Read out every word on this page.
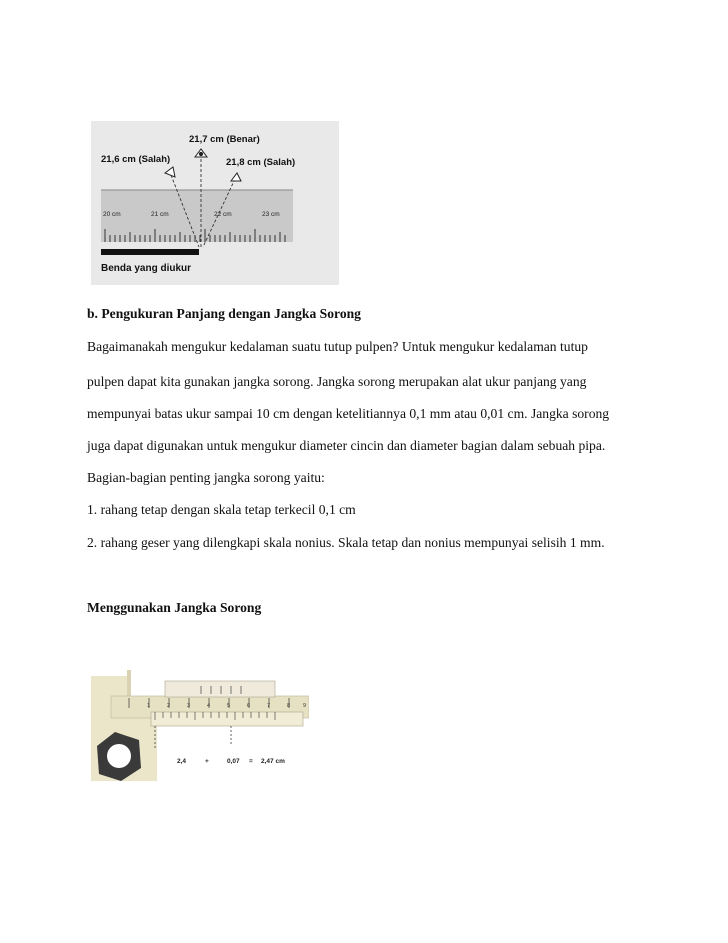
20 cm	21 cm	22 cm	23 cm
Benda yang diukur
21,7 cm (Benar)
21,6 cm (Salah)	21,8 cm (Salah)
b. Pengukuran Panjang dengan Jangka Sorong
Bagaimanakah mengukur kedalaman suatu tutup pulpen? Untuk mengukur kedalaman tutup
pulpen dapat kita gunakan jangka sorong. Jangka sorong merupakan alat ukur panjang yang
mempunyai batas ukur sampai 10 cm dengan ketelitiannya 0,1 mm atau 0,01 cm. Jangka sorong
juga dapat digunakan untuk mengukur diameter cincin dan diameter bagian dalam sebuah pipa.
Bagian-bagian penting jangka sorong yaitu:
1. rahang tetap dengan skala tetap terkecil 0,1 cm
2. rahang geser yang dilengkapi skala nonius. Skala tetap dan nonius mempunyai selisih 1 mm.
Menggunakan Jangka Sorong
1	2	3	4	5	6	7	8 9
2,4	+	0,07 = 2,47 cm
